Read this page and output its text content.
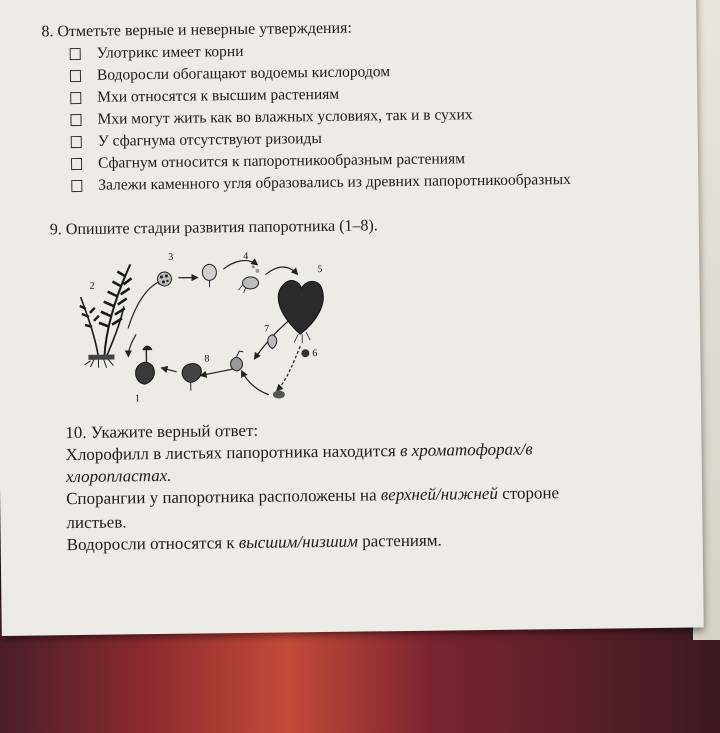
8. Отметьте верные и неверные утверждения:
Улотрикс имеет корни
Водоросли обогащают водоемы кислородом
Мхи относятся к высшим растениям
Мхи могут жить как во влажных условиях, так и в сухих
У сфагнума отсутствуют ризоиды
Сфагнум относится к папоротникообразным растениям
Залежи каменного угля образовались из древних папоротникообразных
9. Опишите стадии развития папоротника (1–8).
2
3	4
5
6
7
8
1
10. Укажите верный ответ:
Хлорофилл в листьях папоротника находится в хроматофорах/в
хлоропластах.
Спорангии у папоротника расположены на верхней/нижней стороне
листьев.
Водоросли относятся к высшим/низшим растениям.
